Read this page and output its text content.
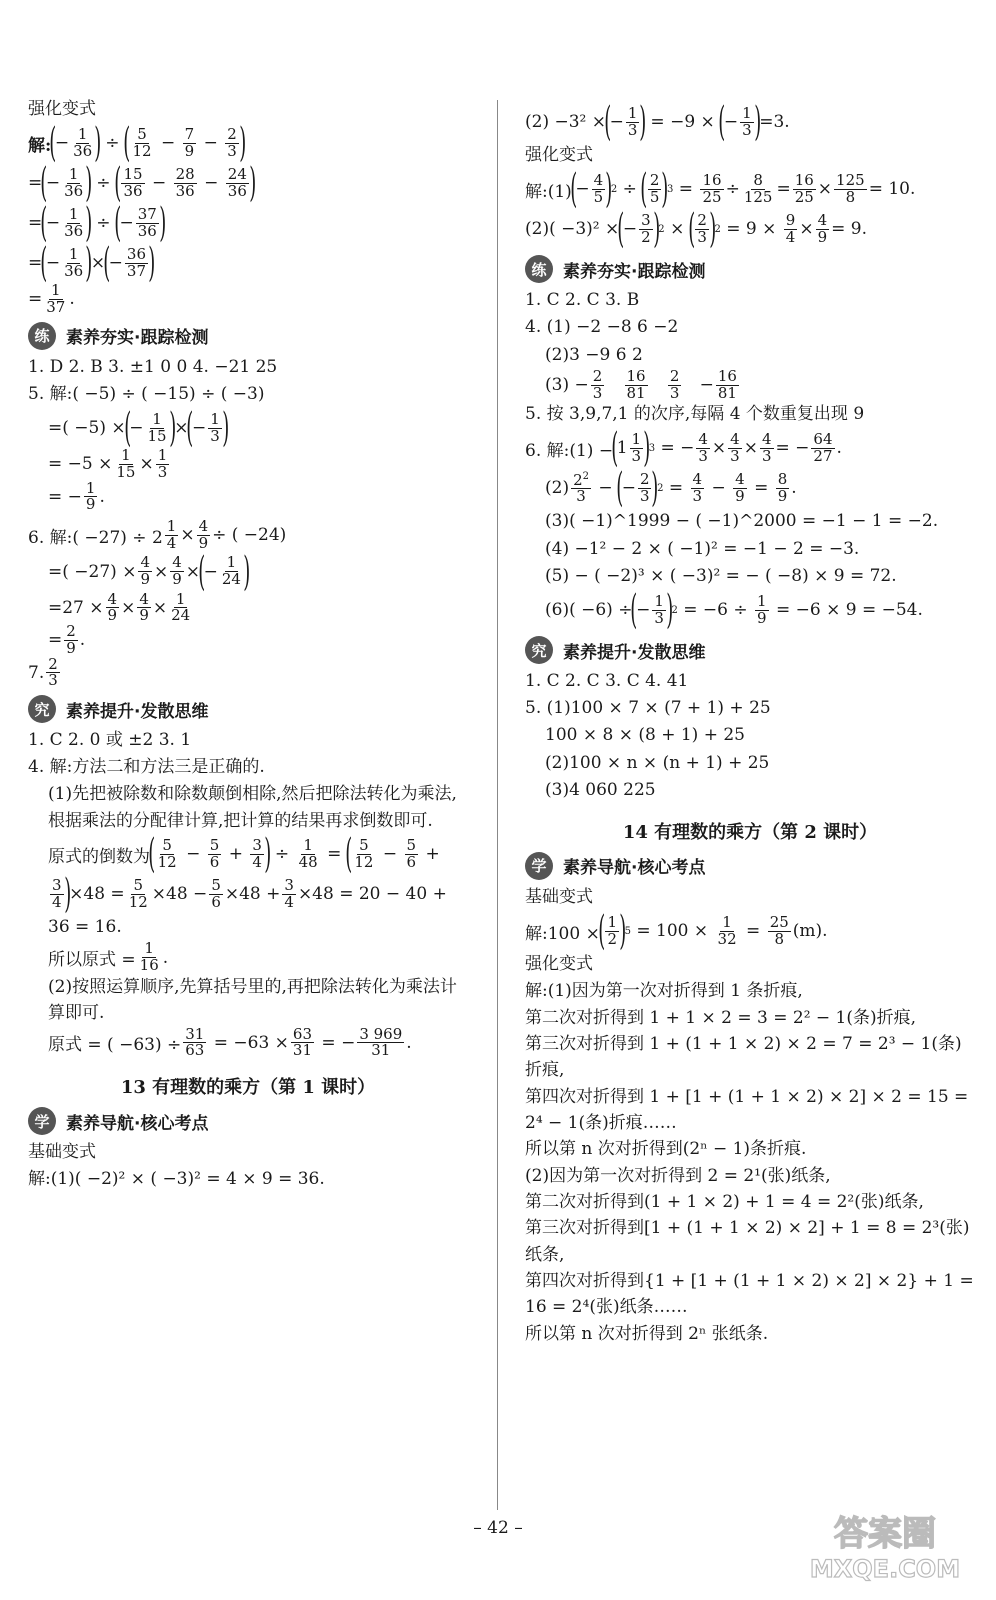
强化变式
解:
(
− $\frac{1}{36}$ )
÷
( $\frac{5}{12} - \frac{7}{9} - \frac{2}{3}$ )
=
(
− $\frac{1}{36}$ )
÷
( $\frac{15}{36} - \frac{28}{36} - \frac{24}{36}$ )
=
(
− $\frac{1}{36}$ )
÷
(
− $\frac{37}{36}$ )
=
(
− $\frac{1}{36}$ )
×
(
− $\frac{36}{37}$ )
= $\frac{1}{37}$ .
练 素养夯实·跟踪检测
1. D 2. B 3. ±1 0 0 4. −21 25
5. 解:( −5) ÷ ( −15) ÷ ( −3)
=( −5) ×
(
− $\frac{1}{15}$ )
×
(
− $\frac{1}{3}$ )
= $-5 \times \frac{1}{15} \times \frac{1}{3}$
= − $\frac{1}{9}$ .
6. 解:( $-27) \div 2 \frac{1}{4} \times \frac{4}{9}$ ÷ ( −24)
=( $-27) \times \frac{4}{9} \times \frac{4}{9}$ ×
(
− $\frac{1}{24}$ )
$=27 \times \frac{4}{9} \times \frac{4}{9} \times \frac{1}{24}$
= $\frac{2}{9}$ .
7. $\frac{2}{3}$
究 素养提升·发散思维
1. C 2. 0 或 ±2 3. 1
4. 解:方法二和方法三是正确的.
(1)先把被除数和除数颠倒相除,然后把除法转化为乘法,根据乘法的分配律计算,把计算的结果再求倒数即可.
原式的倒数为
( $\frac{5}{12} - \frac{5}{6} + \frac{3}{4}$ )
÷ $\frac{1}{48}$ =
( $\frac{5}{12} - \frac{5}{6}$ +
$\frac{3}{4}$ )
$\times 48 = \frac{5}{12} \times 48 - \frac{5}{6} \times 48 + \frac{3}{4} \times 48 = 20 - 40$ +
36 = 16.
所以原式 = $\frac{1}{16}$ .
(2)按照运算顺序,先算括号里的,再把除法转化为乘法计算即可.
原式 = ( $-63) \div \frac{31}{63} = -63 \times \frac{63}{31}$ = − $\frac{3 969}{31}$ .
13 有理数的乘方（第 1 课时）
学 素养导航·核心考点
基础变式
解:(1)( −2)² × ( −3)² = 4 × 9 = 36.
(2) −3² ×
(
− $\frac{1}{3}$ )
= −9 ×
(
− $\frac{1}{3}$ )
=3.
强化变式
解:(1)
(
− $\frac{4}{5}$ )
2 ÷
( $\frac{2}{5}$ )
$3 = \frac{16}{25} \div \frac{8}{125} = \frac{16}{25} \times \frac{125}{8} = 10$.
(2)( −3)² ×
(
− $\frac{3}{2}$ )
2 ×
( $\frac{2}{3}$ )
$2 = 9 \times \frac{9}{4} \times \frac{4}{9} = 9$.
练 素养夯实·跟踪检测
1. C 2. C 3. B
4. (1) −2 −8 6 −2
(2)3 −9 6 2
$(3) - \frac{2}{3}$
$\frac{16}{81}$
$\frac{2}{3} - \frac{16}{81}$
5. 按 3,9,7,1 的次序,每隔 4 个数重复出现 9
6. 解:(1) −
(
$1 \frac{1}{3}$ )
3 = − $\frac{4}{3} \times \frac{4}{3} \times \frac{4}{3}$ = − $\frac{64}{27}$ .
$(2) \frac{2^2}{3}$ −
(
− $\frac{2}{3}$ )
$2 = \frac{4}{3} - \frac{4}{9} = \frac{8}{9}$ .
(3)( −1)^1999 − ( −1)^2000 = −1 − 1 = −2.
(4) −1² − 2 × ( −1)² = −1 − 2 = −3.
(5) − ( −2)³ × ( −3)² = − ( −8) × 9 = 72.
(6)( −6) ÷
(
− $\frac{1}{3}$ )
$2 = -6 \div \frac{1}{9} = -6 \times 9 = -54$.
究 素养提升·发散思维
1. C 2. C 3. C 4. 41
5. (1)100 × 7 × (7 + 1) + 25
100 × 8 × (8 + 1) + 25
(2)100 × n × (n + 1) + 25
(3)4 060 225
14 有理数的乘方（第 2 课时）
学 素养导航·核心考点
基础变式
解:100 ×
( $\frac{1}{2}$ )
$5 = 100 \times \frac{1}{32} = \frac{25}{8} (m)$.
强化变式
解:(1)因为第一次对折得到 1 条折痕,
第二次对折得到 1 + 1 × 2 = 3 = 2² − 1(条)折痕,
第三次对折得到 1 + (1 + 1 × 2) × 2 = 7 = 2³ − 1(条)折痕,
第四次对折得到 1 + [1 + (1 + 1 × 2) × 2] × 2 = 15 = 2⁴ − 1(条)折痕……
所以第 n 次对折得到(2ⁿ − 1)条折痕.
(2)因为第一次对折得到 2 = 2¹(张)纸条,
第二次对折得到(1 + 1 × 2) + 1 = 4 = 2²(张)纸条,
第三次对折得到[1 + (1 + 1 × 2) × 2] + 1 = 8 = 2³(张)纸条,
第四次对折得到{1 + [1 + (1 + 1 × 2) × 2] × 2} + 1 = 16 = 2⁴(张)纸条……
所以第 n 次对折得到 2ⁿ 张纸条.
– 42 –	答案圈
MXQE.COM
